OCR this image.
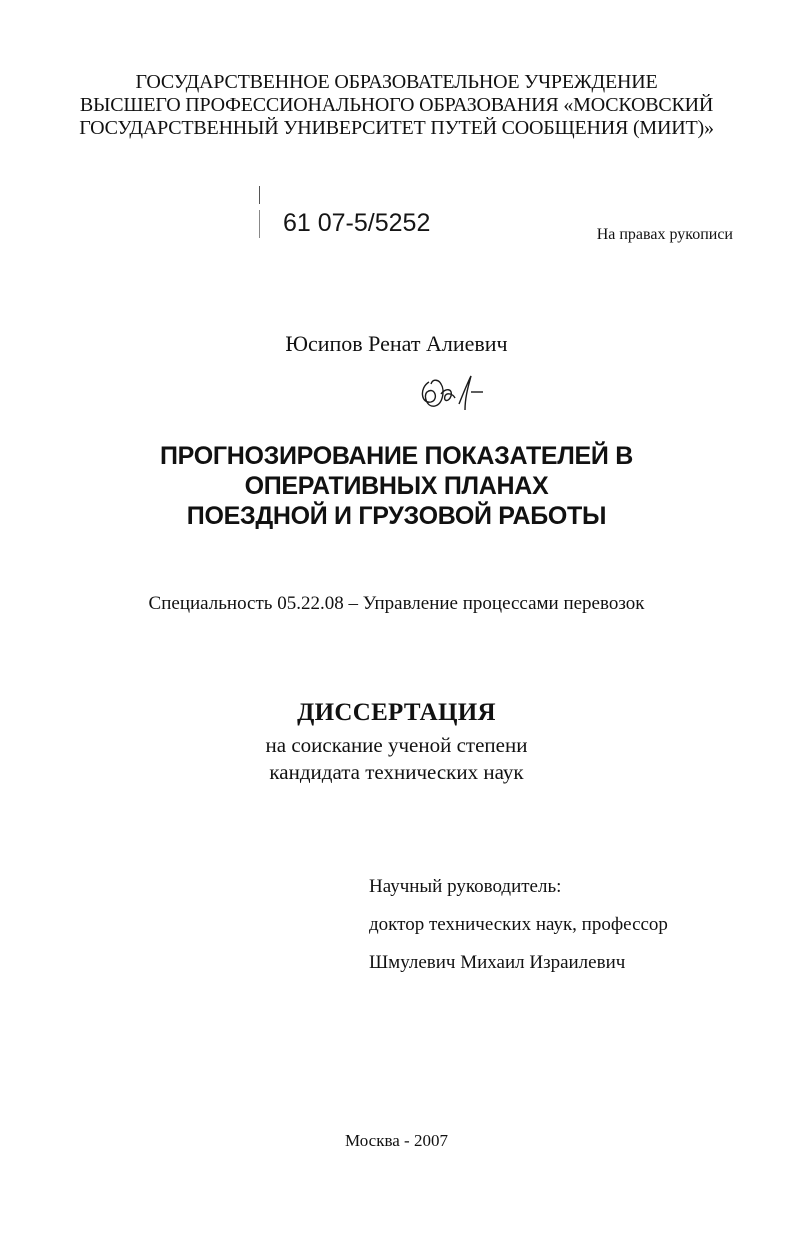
ГОСУДАРСТВЕННОЕ ОБРАЗОВАТЕЛЬНОЕ УЧРЕЖДЕНИЕ
ВЫСШЕГО ПРОФЕССИОНАЛЬНОГО ОБРАЗОВАНИЯ «МОСКОВСКИЙ
ГОСУДАРСТВЕННЫЙ УНИВЕРСИТЕТ ПУТЕЙ СООБЩЕНИЯ (МИИТ)»
61 07-5/5252	На правах рукописи
Юсипов Ренат Алиевич
ПРОГНОЗИРОВАНИЕ ПОКАЗАТЕЛЕЙ В
ОПЕРАТИВНЫХ ПЛАНАХ
ПОЕЗДНОЙ И ГРУЗОВОЙ РАБОТЫ
Специальность 05.22.08 – Управление процессами перевозок
ДИССЕРТАЦИЯ
на соискание ученой степени
кандидата технических наук
Научный руководитель:
доктор технических наук, профессор
Шмулевич Михаил Израилевич
Москва - 2007
